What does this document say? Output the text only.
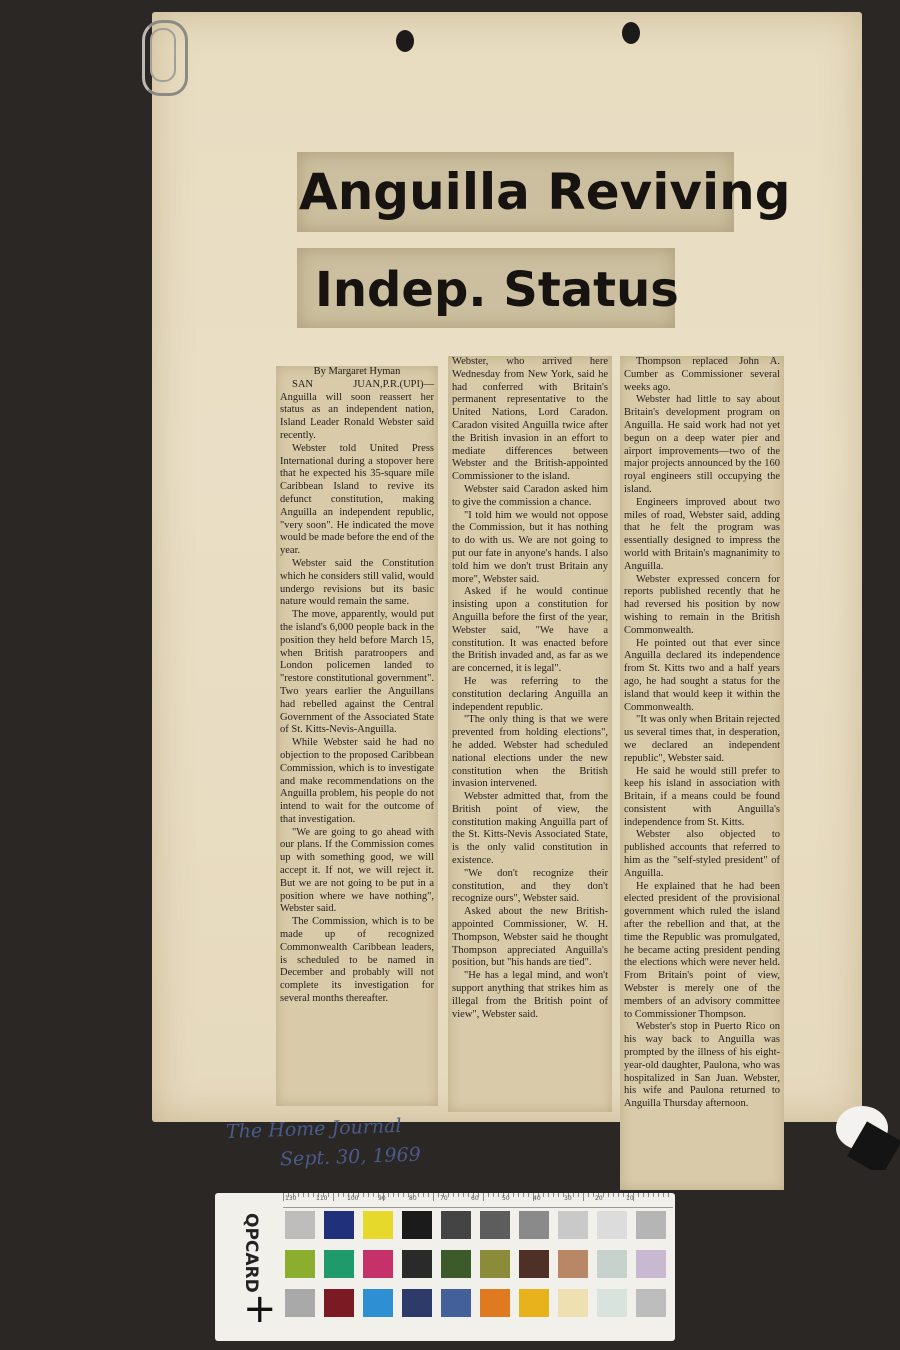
Anguilla Reviving
Indep. Status

By Margaret Hyman

SAN JUAN,P.R.(UPI)— Anguilla will soon reassert her status as an independent nation, Island Leader Ronald Webster said recently.

Webster told United Press International during a stopover here that he expected his 35-square mile Caribbean Island to revive its defunct constitution, making Anguilla an independent republic, "very soon". He indicated the move would be made before the end of the year.

Webster said the Constitution which he considers still valid, would undergo revisions but its basic nature would remain the same.

The move, apparently, would put the island's 6,000 people back in the position they held before March 15, when British paratroopers and London policemen landed to "restore constitutional government". Two years earlier the Anguillans had rebelled against the Central Government of the Associated State of St. Kitts-Nevis-Anguilla.

While Webster said he had no objection to the proposed Caribbean Commission, which is to investigate and make recommendations on the Anguilla problem, his people do not intend to wait for the outcome of that investigation.

"We are going to go ahead with our plans. If the Commission comes up with something good, we will accept it. If not, we will reject it. But we are not going to be put in a position where we have nothing", Webster said.

The Commission, which is to be made up of recognized Commonwealth Caribbean leaders, is scheduled to be named in December and probably will not complete its investigation for several months thereafter.

Webster, who arrived here Wednesday from New York, said he had conferred with Britain's permanent representative to the United Nations, Lord Caradon. Caradon visited Anguilla twice after the British invasion in an effort to mediate differences between Webster and the British-appointed Commissioner to the island.

Webster said Caradon asked him to give the commission a chance.

"I told him we would not oppose the Commission, but it has nothing to do with us. We are not going to put our fate in anyone's hands. I also told him we don't trust Britain any more", Webster said.

Asked if he would continue insisting upon a constitution for Anguilla before the first of the year, Webster said, "We have a constitution. It was enacted before the British invaded and, as far as we are concerned, it is legal".

He was referring to the constitution declaring Anguilla an independent republic.

"The only thing is that we were prevented from holding elections", he added. Webster had scheduled national elections under the new constitution when the British invasion intervened.

Webster admitted that, from the British point of view, the constitution making Anguilla part of the St. Kitts-Nevis Associated State, is the only valid constitution in existence.

"We don't recognize their constitution, and they don't recognize ours", Webster said.

Asked about the new British-appointed Commissioner, W. H. Thompson, Webster said he thought Thompson appreciated Anguilla's position, but "his hands are tied".

"He has a legal mind, and won't support anything that strikes him as illegal from the British point of view", Webster said.

Thompson replaced John A. Cumber as Commissioner several weeks ago.

Webster had little to say about Britain's development program on Anguilla. He said work had not yet begun on a deep water pier and airport improvements—two of the major projects announced by the 160 royal engineers still occupying the island.

Engineers improved about two miles of road, Webster said, adding that he felt the program was essentially designed to impress the world with Britain's magnanimity to Anguilla.

Webster expressed concern for reports published recently that he had reversed his position by now wishing to remain in the British Commonwealth.

He pointed out that ever since Anguilla declared its independence from St. Kitts two and a half years ago, he had sought a status for the island that would keep it within the Commonwealth.

"It was only when Britain rejected us several times that, in desperation, we declared an independent republic", Webster said.

He said he would still prefer to keep his island in association with Britain, if a means could be found consistent with Anguilla's independence from St. Kitts.

Webster also objected to published accounts that referred to him as the "self-styled president" of Anguilla.

He explained that he had been elected president of the provisional government which ruled the island after the rebellion and that, at the time the Republic was promulgated, he became acting president pending the elections which were never held. From Britain's point of view, Webster is merely one of the members of an advisory committee to Commissioner Thompson.

Webster's stop in Puerto Rico on his way back to Anguilla was prompted by the illness of his eight-year-old daughter, Paulona, who was hospitalized in San Juan. Webster, his wife and Paulona returned to Anguilla Thursday afternoon.

The Home Journal
Sept. 30, 1969
130	110	100	90	80	70	60	50	40	30	20	10
QPCARD
+
